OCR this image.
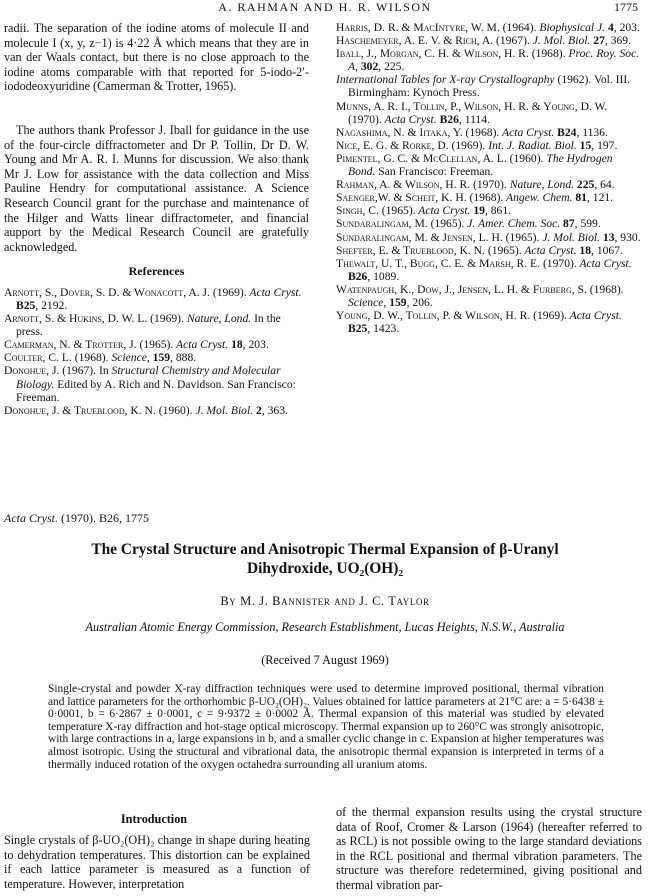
A. RAHMAN AND H. R. WILSON	1775

radii. The separation of the iodine atoms of molecule II and molecule I (x, y, z−1) is 4·22 Å which means that they are in van der Waals contact, but there is no close approach to the iodine atoms comparable with that reported for 5-iodo-2′-iododeoxyuridine (Camerman & Trotter, 1965).

The authors thank Professor J. Iball for guidance in the use of the four-circle diffractometer and Dr P. Tollin, Dr D. W. Young and Mr A. R. I. Munns for discussion. We also thank Mr J. Low for assistance with the data collection and Miss Pauline Hendry for computational assistance. A Science Research Council grant for the purchase and maintenance of the Hilger and Watts linear diffractometer, and financial aupport by the Medical Research Council are gratefully acknowledged.

References

Arnott, S., Dover, S. D. & Wonacott, A. J. (1969). Acta Cryst. B25, 2192.

Arnott, S. & Hukins, D. W. L. (1969). Nature, Lond. In the press.

Camerman, N. & Trotter, J. (1965). Acta Cryst. 18, 203.

Coulter, C. L. (1968). Science, 159, 888.

Donohue, J. (1967). In Structural Chemistry and Molecular Biology. Edited by A. Rich and N. Davidson. San Francisco: Freeman.

Donohue, J. & Trueblood, K. N. (1960). J. Mol. Biol. 2, 363.

Harris, D. R. & MacIntyre, W. M. (1964). Biophysical J. 4, 203.

Haschemeyer, A. E. V. & Rich, A. (1967). J. Mol. Biol. 27, 369.

Iball, J., Morgan, C. H. & Wilson, H. R. (1968). Proc. Roy. Soc. A, 302, 225.

International Tables for X-ray Crystallography (1962). Vol. III. Birmingham: Kynoch Press.

Munns, A. R. I., Tollin, P., Wilson, H. R. & Young, D. W. (1970). Acta Cryst. B26, 1114.

Nagashima, N. & Iitaka, Y. (1968). Acta Cryst. B24, 1136.

Nice, E. G. & Rorke, D. (1969). Int. J. Radiat. Biol. 15, 197.

Pimentel, G. C. & McClellan, A. L. (1960). The Hydrogen Bond. San Francisco: Freeman.

Rahman, A. & Wilson, H. R. (1970). Nature, Lond. 225, 64.

Saenger,W. & Scheit, K. H. (1968). Angew. Chem. 81, 121.

Singh, C. (1965). Acta Cryst. 19, 861.

Sundaralingam, M. (1965). J. Amer. Chem. Soc. 87, 599.

Sundaralingam, M. & Jensen, L. H. (1965). J. Mol. Biol. 13, 930.

Shefter, E. & Trueblood, K. N. (1965). Acta Cryst. 18, 1067.

Thewalt, U. T., Bugg, C. E. & Marsh, R. E. (1970). Acta Cryst. B26, 1089.

Watenpaugh, K., Dow, J., Jensen, L. H. & Furberg, S. (1968). Science, 159, 206.

Young, D. W., Tollin, P. & Wilson, H. R. (1969). Acta Cryst. B25, 1423.

Acta Cryst. (1970). B26, 1775
The Crystal Structure and Anisotropic Thermal Expansion of β-Uranyl
Dihydroxide, UO₂(OH)₂
By M. J. Bannister and J. C. Taylor
Australian Atomic Energy Commission, Research Establishment, Lucas Heights, N.S.W., Australia
(Received 7 August 1969)

Single-crystal and powder X-ray diffraction techniques were used to determine improved positional, thermal vibration and lattice parameters for the orthorhombic β-UO₂(OH)₂. Values obtained for lattice parameters at 21°C are: a = 5·6438 ± 0·0001, b = 6·2867 ± 0·0001, c = 9·9372 ± 0·0002 Å. Thermal expansion of this material was studied by elevated temperature X-ray diffraction and hot-stage optical microscopy. Thermal expansion up to 260°C was strongly anisotropic, with large contractions in a, large expansions in b, and a smaller cyclic change in c. Expansion at higher temperatures was almost isotropic. Using the structural and vibrational data, the anisotropic thermal expansion is interpreted in terms of a thermally induced rotation of the oxygen octahedra surrounding all uranium atoms.

Introduction

Single crystals of β-UO₂(OH)₂ change in shape during heating to dehydration temperatures. This distortion can be explained if each lattice parameter is measured as a function of temperature. However, interpretation

of the thermal expansion results using the crystal structure data of Roof, Cromer & Larson (1964) (hereafter referred to as RCL) is not possible owing to the large standard deviations in the RCL positional and thermal vibration parameters. The structure was therefore redetermined, giving positional and thermal vibration par-
